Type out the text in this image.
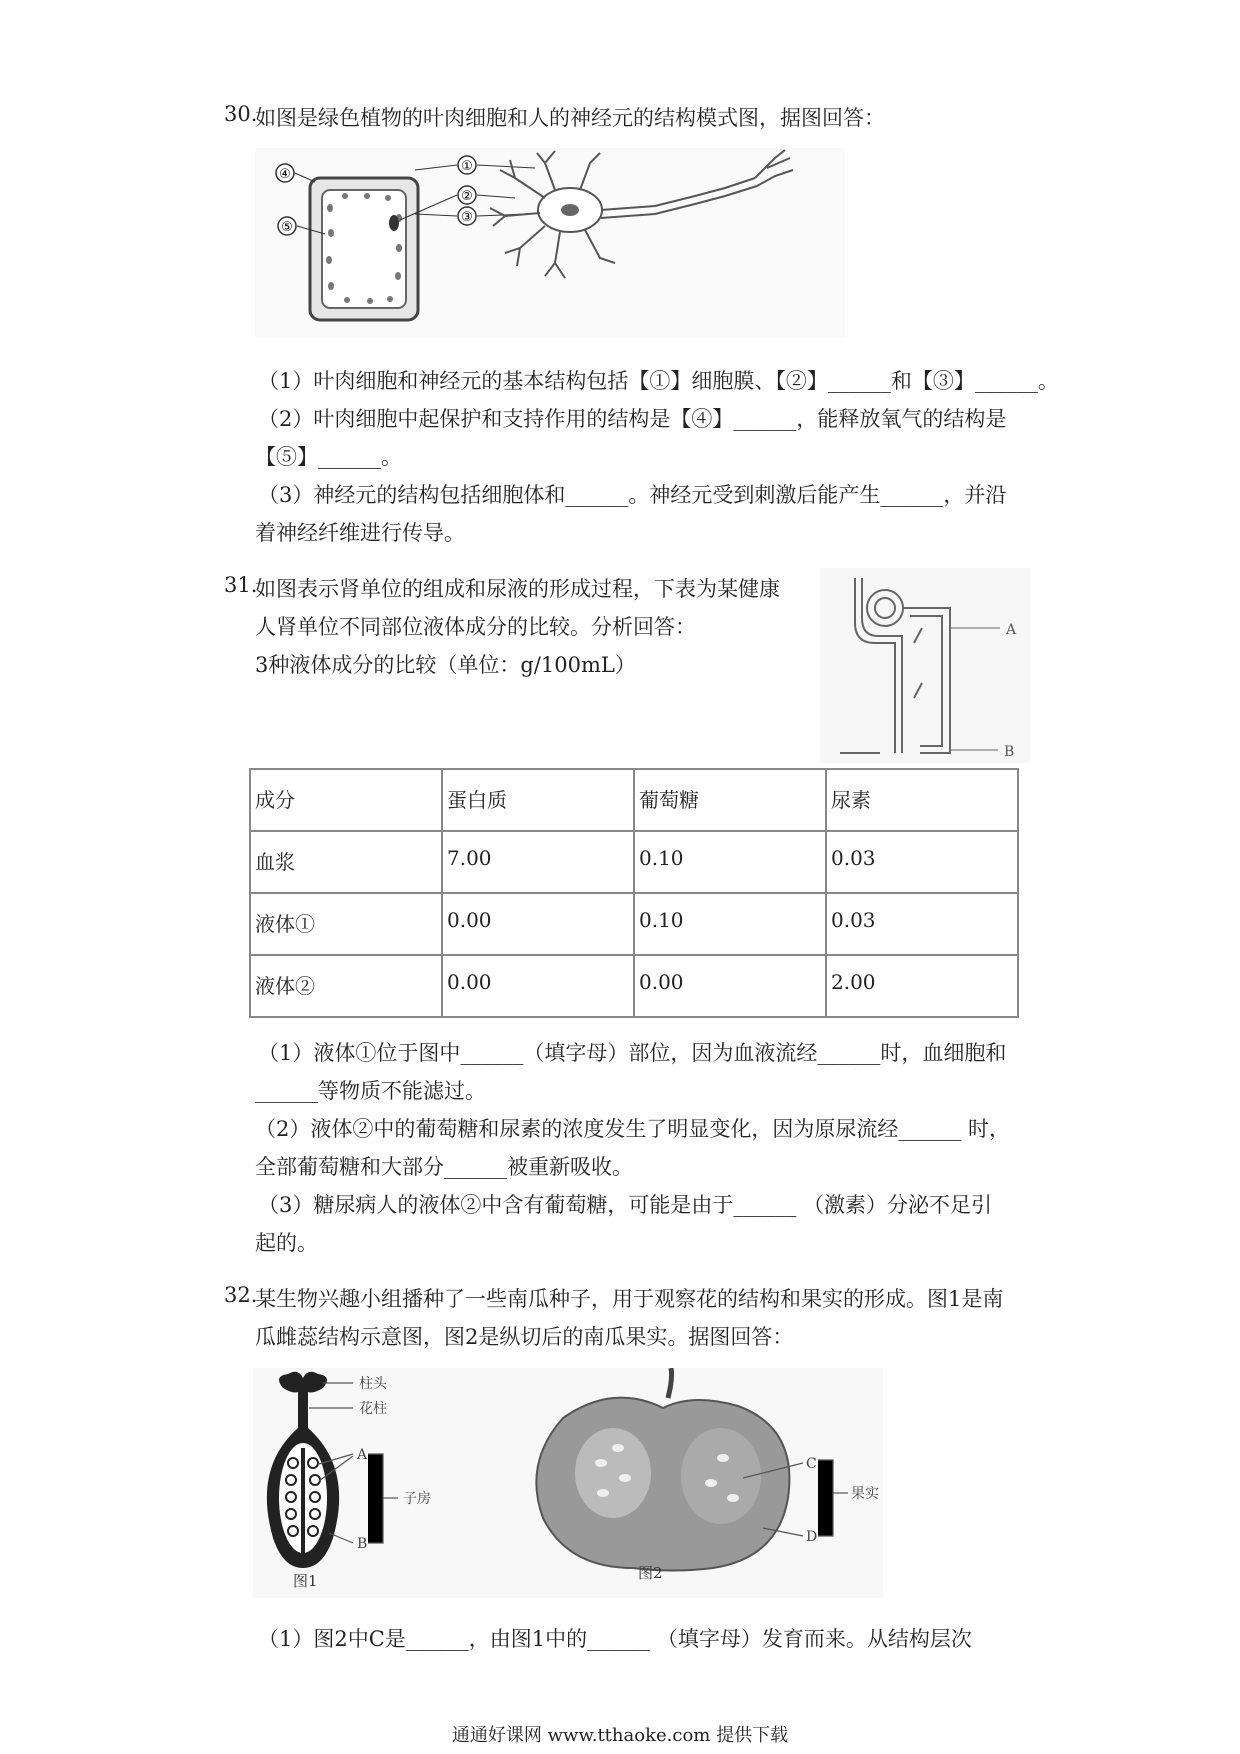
30.
如图是绿色植物的叶肉细胞和人的神经元的结构模式图，据图回答：
④
⑤
①
②
③
（1）叶肉细胞和神经元的基本结构包括【①】细胞膜、【②】______和【③】______。
（2）叶肉细胞中起保护和支持作用的结构是【④】______，能释放氧气的结构是
【⑤】______。
（3）神经元的结构包括细胞体和______。神经元受到刺激后能产生______，并沿
着神经纤维进行传导。
31.
如图表示肾单位的组成和尿液的形成过程，下表为某健康
人肾单位不同部位液体成分的比较。分析回答：
3种液体成分的比较（单位：g/100mL）
A
B
成分	蛋白质	葡萄糖	尿素
血浆	7.00	0.10	0.03
液体①	0.00	0.10	0.03
液体②	0.00	0.00	2.00
（1）液体①位于图中______（填字母）部位，因为血液流经______时，血细胞和
______等物质不能滤过。
（2）液体②中的葡萄糖和尿素的浓度发生了明显变化，因为原尿流经______ 时，
全部葡萄糖和大部分______被重新吸收。
（3）糖尿病人的液体②中含有葡萄糖，可能是由于______ （激素）分泌不足引
起的。
32.
某生物兴趣小组播种了一些南瓜种子，用于观察花的结构和果实的形成。图1是南
瓜雌蕊结构示意图，图2是纵切后的南瓜果实。据图回答：
柱头
花柱
A
子房
B
图1
C
果实
D
图2
（1）图2中C是______，由图1中的______ （填字母）发育而来。从结构层次
通通好课网 www.tthaoke.com 提供下载
